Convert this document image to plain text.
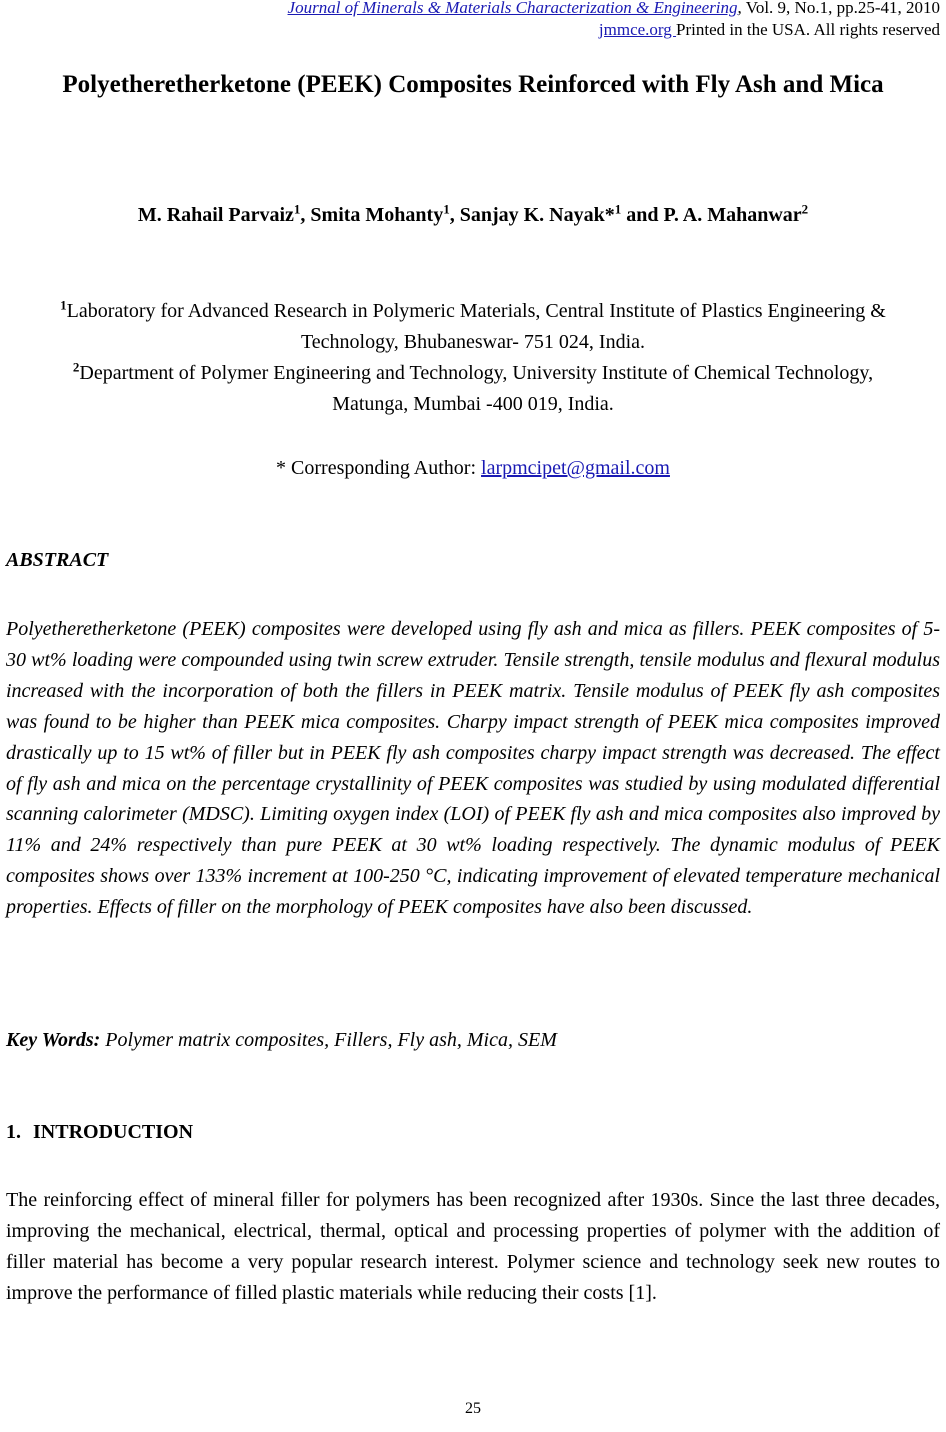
Journal of Minerals & Materials Characterization & Engineering, Vol. 9, No.1, pp.25-41, 2010
jmmce.org Printed in the USA. All rights reserved
Polyetheretherketone (PEEK) Composites Reinforced with Fly Ash and Mica
M. Rahail Parvaiz$^1$, Smita Mohanty$^1$, Sanjay K. Nayak*$^1$ and P. A. Mahanwar$^2$
$^1$Laboratory for Advanced Research in Polymeric Materials, Central Institute of Plastics Engineering & Technology, Bhubaneswar- 751 024, India.
$^2$Department of Polymer Engineering and Technology, University Institute of Chemical Technology, Matunga, Mumbai -400 019, India.
* Corresponding Author: larpmcipet@gmail.com
ABSTRACT
Polyetheretherketone (PEEK) composites were developed using fly ash and mica as fillers. PEEK composites of 5-30 wt% loading were compounded using twin screw extruder. Tensile strength, tensile modulus and flexural modulus increased with the incorporation of both the fillers in PEEK matrix. Tensile modulus of PEEK fly ash composites was found to be higher than PEEK mica composites. Charpy impact strength of PEEK mica composites improved drastically up to 15 wt% of filler but in PEEK fly ash composites charpy impact strength was decreased. The effect of fly ash and mica on the percentage crystallinity of PEEK composites was studied by using modulated differential scanning calorimeter (MDSC). Limiting oxygen index (LOI) of PEEK fly ash and mica composites also improved by 11% and 24% respectively than pure PEEK at 30 wt% loading respectively. The dynamic modulus of PEEK composites shows over 133% increment at 100-250 °C, indicating improvement of elevated temperature mechanical properties. Effects of filler on the morphology of PEEK composites have also been discussed.
Key Words: Polymer matrix composites, Fillers, Fly ash, Mica, SEM
1. INTRODUCTION
The reinforcing effect of mineral filler for polymers has been recognized after 1930s. Since the last three decades, improving the mechanical, electrical, thermal, optical and processing properties of polymer with the addition of filler material has become a very popular research interest. Polymer science and technology seek new routes to improve the performance of filled plastic materials while reducing their costs [1].
25
